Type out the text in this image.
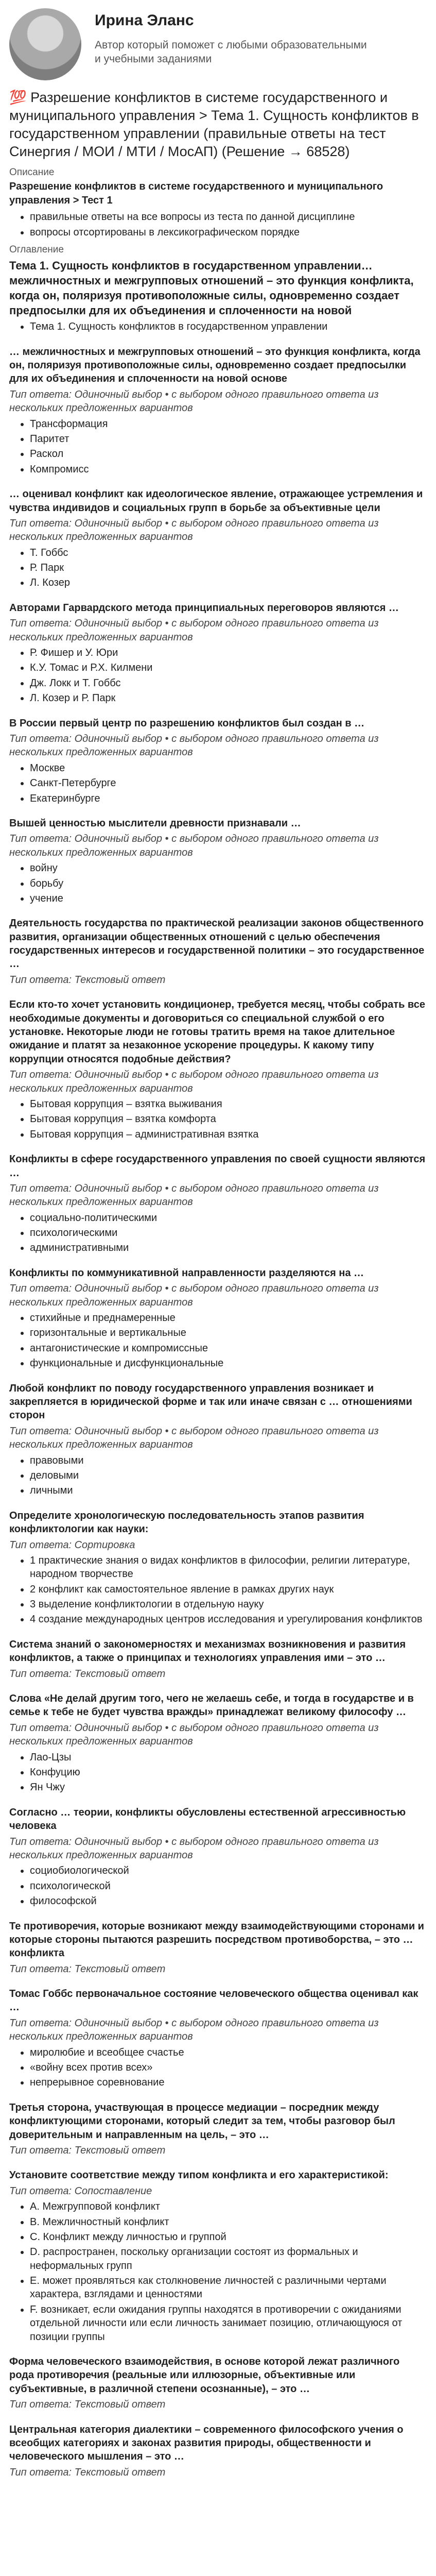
Ирина Эланс
Автор который поможет с любыми образовательными и учебными заданиями
💯 Разрешение конфликтов в системе государственного и муниципального управления > Тема 1. Сущность конфликтов в государственном управлении (правильные ответы на тест Синергия / МОИ / МТИ / МосАП) (Решение → 68528)
Описание
Разрешение конфликтов в системе государственного и муниципального управления > Тест 1
• правильные ответы на все вопросы из теста по данной дисциплине
• вопросы отсортированы в лексикографическом порядке
Оглавление
Тема 1. Сущность конфликтов в государственном управлении… межличностных и межгрупповых отношений – это функция конфликта, когда он, поляризуя противоположные силы, одновременно создает предпосылки для их объединения и сплоченности на новой
• Тема 1. Сущность конфликтов в государственном управлении
… межличностных и межгрупповых отношений – это функция конфликта, когда он, поляризуя противоположные силы, одновременно создает предпосылки для их объединения и сплоченности на новой основе
Тип ответа: Одиночный выбор • с выбором одного правильного ответа из нескольких предложенных вариантов
• Трансформация
• Паритет
• Раскол
• Компромисс
… оценивал конфликт как идеологическое явление, отражающее устремления и чувства индивидов и социальных групп в борьбе за объективные цели
Тип ответа: Одиночный выбор • с выбором одного правильного ответа из нескольких предложенных вариантов
• Т. Гоббс
• Р. Парк
• Л. Козер
Авторами Гарвардского метода принципиальных переговоров являются …
Тип ответа: Одиночный выбор • с выбором одного правильного ответа из нескольких предложенных вариантов
• Р. Фишер и У. Юри
• К.У. Томас и Р.Х. Килмени
• Дж. Локк и Т. Гоббс
• Л. Козер и Р. Парк
В России первый центр по разрешению конфликтов был создан в …
Тип ответа: Одиночный выбор • с выбором одного правильного ответа из нескольких предложенных вариантов
• Москве
• Санкт-Петербурге
• Екатеринбурге
Вышей ценностью мыслители древности признавали …
Тип ответа: Одиночный выбор • с выбором одного правильного ответа из нескольких предложенных вариантов
• войну
• борьбу
• учение
Деятельность государства по практической реализации законов общественного развития, организации общественных отношений с целью обеспечения государственных интересов и государственной политики – это государственное …
Тип ответа: Текстовый ответ
Если кто-то хочет установить кондиционер, требуется месяц, чтобы собрать все необходимые документы и договориться со специальной службой о его установке. Некоторые люди не готовы тратить время на такое длительное ожидание и платят за незаконное ускорение процедуры. К какому типу коррупции относятся подобные действия?
Тип ответа: Одиночный выбор • с выбором одного правильного ответа из нескольких предложенных вариантов
• Бытовая коррупция – взятка выживания
• Бытовая коррупция – взятка комфорта
• Бытовая коррупция – административная взятка
Конфликты в сфере государственного управления по своей сущности являются …
Тип ответа: Одиночный выбор • с выбором одного правильного ответа из нескольких предложенных вариантов
• социально-политическими
• психологическими
• административными
Конфликты по коммуникативной направленности разделяются на …
Тип ответа: Одиночный выбор • с выбором одного правильного ответа из нескольких предложенных вариантов
• стихийные и преднамеренные
• горизонтальные и вертикальные
• антагонистические и компромиссные
• функциональные и дисфункциональные
Любой конфликт по поводу государственного управления возникает и закрепляется в юридической форме и так или иначе связан с … отношениями сторон
Тип ответа: Одиночный выбор • с выбором одного правильного ответа из нескольких предложенных вариантов
• правовыми
• деловыми
• личными
Определите хронологическую последовательность этапов развития конфликтологии как науки:
Тип ответа: Сортировка
• 1 практические знания о видах конфликтов в философии, религии литературе, народном творчестве
• 2 конфликт как самостоятельное явление в рамках других наук
• 3 выделение конфликтологии в отдельную науку
• 4 создание международных центров исследования и урегулирования конфликтов
Система знаний о закономерностях и механизмах возникновения и развития конфликтов, а также о принципах и технологиях управления ими – это …
Тип ответа: Текстовый ответ
Слова «Не делай другим того, чего не желаешь себе, и тогда в государстве и в семье к тебе не будет чувства вражды» принадлежат великому философу …
Тип ответа: Одиночный выбор • с выбором одного правильного ответа из нескольких предложенных вариантов
• Лао-Цзы
• Конфуцию
• Ян Чжу
Согласно … теории, конфликты обусловлены естественной агрессивностью человека
Тип ответа: Одиночный выбор • с выбором одного правильного ответа из нескольких предложенных вариантов
• социобиологической
• психологической
• философской
Те противоречия, которые возникают между взаимодействующими сторонами и которые стороны пытаются разрешить посредством противоборства, – это … конфликта
Тип ответа: Текстовый ответ
Томас Гоббс первоначальное состояние человеческого общества оценивал как …
Тип ответа: Одиночный выбор • с выбором одного правильного ответа из нескольких предложенных вариантов
• миролюбие и всеобщее счастье
• «войну всех против всех»
• непрерывное соревнование
Третья сторона, участвующая в процессе медиации – посредник между конфликтующими сторонами, который следит за тем, чтобы разговор был доверительным и направленным на цель, – это …
Тип ответа: Текстовый ответ
Установите соответствие между типом конфликта и его характеристикой:
Тип ответа: Сопоставление
• A. Межгрупповой конфликт
• B. Межличностный конфликт
• C. Конфликт между личностью и группой
• D. распространен, поскольку организации состоят из формальных и неформальных групп
• E. может проявляться как столкновение личностей с различными чертами характера, взглядами и ценностями
• F. возникает, если ожидания группы находятся в противоречии с ожиданиями отдельной личности или если личность занимает позицию, отличающуюся от позиции группы
Форма человеческого взаимодействия, в основе которой лежат различного рода противоречия (реальные или иллюзорные, объективные или субъективные, в различной степени осознанные), – это …
Тип ответа: Текстовый ответ
Центральная категория диалектики – современного философского учения о всеобщих категориях и законах развития природы, общественности и человеческого мышления – это …
Тип ответа: Текстовый ответ
